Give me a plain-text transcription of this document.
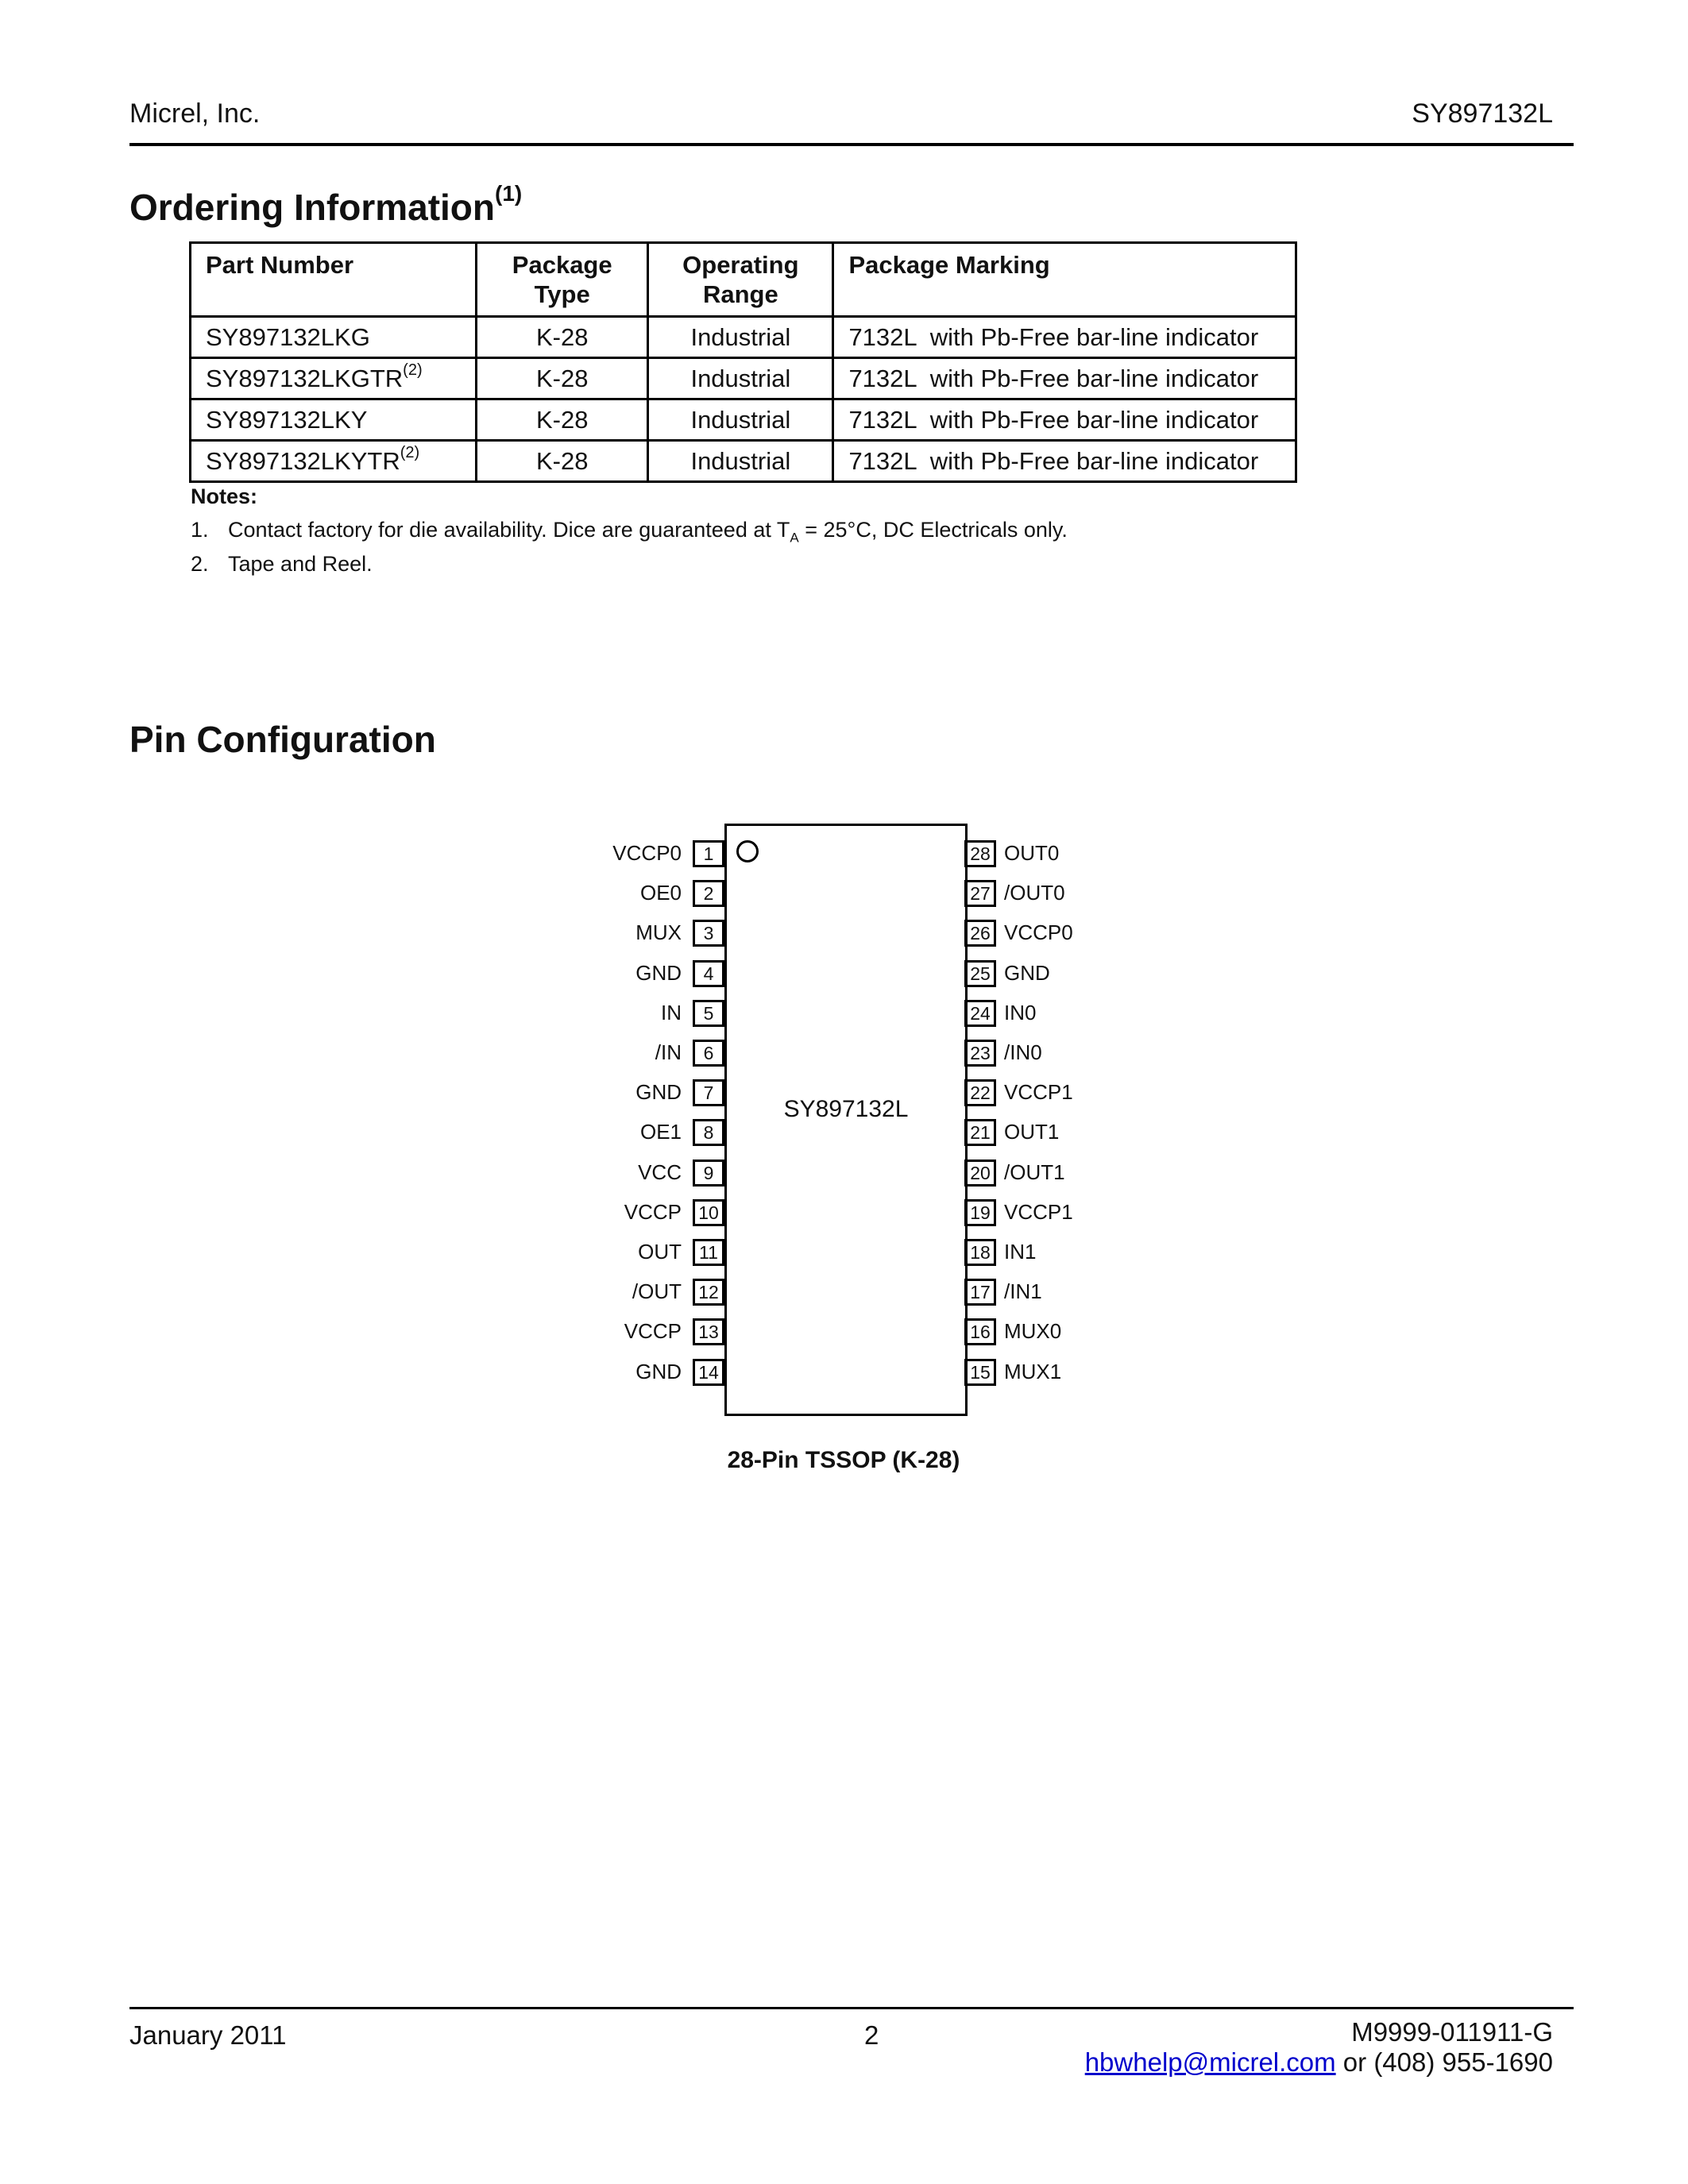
Micrel, Inc.	SY897132L
Ordering Information$^{(1)}$
Part Number	Package Type	Operating Range	Package Marking
SY897132LKG	K-28	Industrial	7132L  with Pb-Free bar-line indicator
SY897132LKGTR$^{(2)}$	K-28	Industrial	7132L  with Pb-Free bar-line indicator
SY897132LKY	K-28	Industrial	7132L  with Pb-Free bar-line indicator
SY897132LKYTR$^{(2)}$	K-28	Industrial	7132L  with Pb-Free bar-line indicator
Notes:
1. Contact factory for die availability. Dice are guaranteed at $T_A = 25^\circ C$, DC Electricals only.
2. Tape and Reel.
Pin Configuration
SY897132L
VCCP0	1
OE0	2
MUX	3
GND	4
IN	5
/IN	6
GND	7
OE1	8
VCC	9
VCCP 10
OUT 11
/OUT 12
VCCP 13
GND 14
28 OUT0
27 /OUT0
26 VCCP0
25 GND
24 IN0
23 /IN0
22 VCCP1
21 OUT1
20 /OUT1
19 VCCP1
18 IN1
17 /IN1
16 MUX0
15 MUX1
28-Pin TSSOP (K-28)
January 2011	2	M9999-011911-G
hbwhelp@micrel.com or (408) 955-1690
